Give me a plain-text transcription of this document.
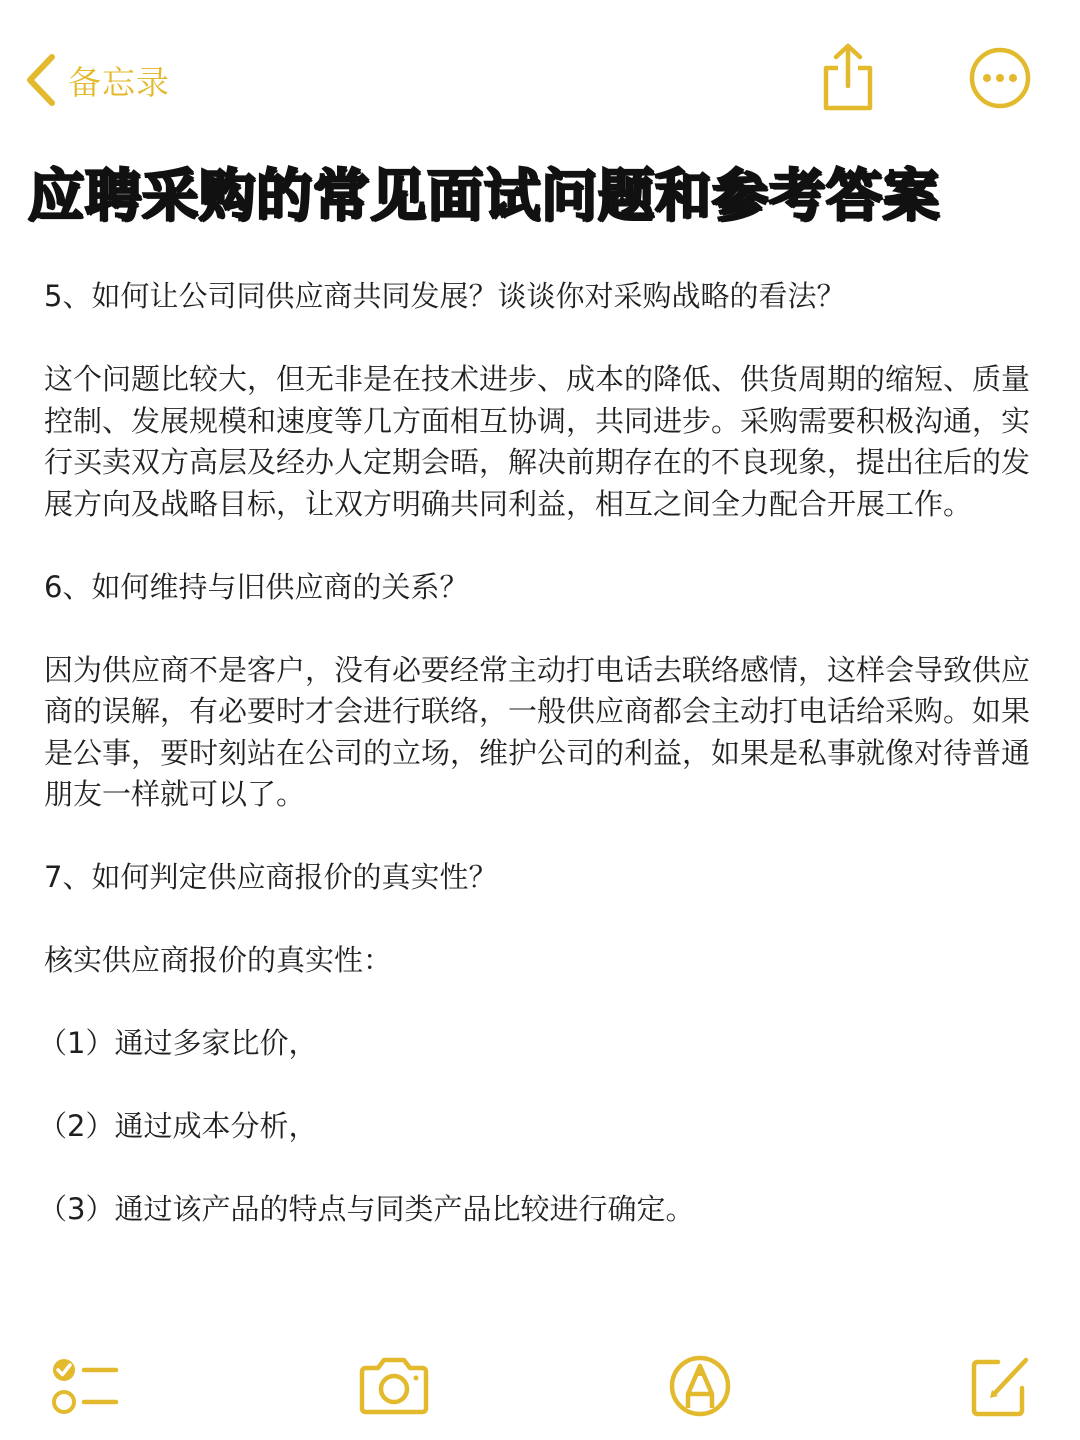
备忘录
应聘采购的常见面试问题和参考答案

5、如何让公司同供应商共同发展？谈谈你对采购战略的看法？

这个问题比较大，但无非是在技术进步、成本的降低、供货周期的缩短、质量控制、发展规模和速度等几方面相互协调，共同进步。采购需要积极沟通，实行买卖双方高层及经办人定期会晤，解决前期存在的不良现象，提出往后的发展方向及战略目标，让双方明确共同利益，相互之间全力配合开展工作。

6、如何维持与旧供应商的关系？

因为供应商不是客户，没有必要经常主动打电话去联络感情，这样会导致供应商的误解，有必要时才会进行联络，一般供应商都会主动打电话给采购。如果是公事，要时刻站在公司的立场，维护公司的利益，如果是私事就像对待普通朋友一样就可以了。

7、如何判定供应商报价的真实性？

核实供应商报价的真实性：

（1）通过多家比价，

（2）通过成本分析，

（3）通过该产品的特点与同类产品比较进行确定。
